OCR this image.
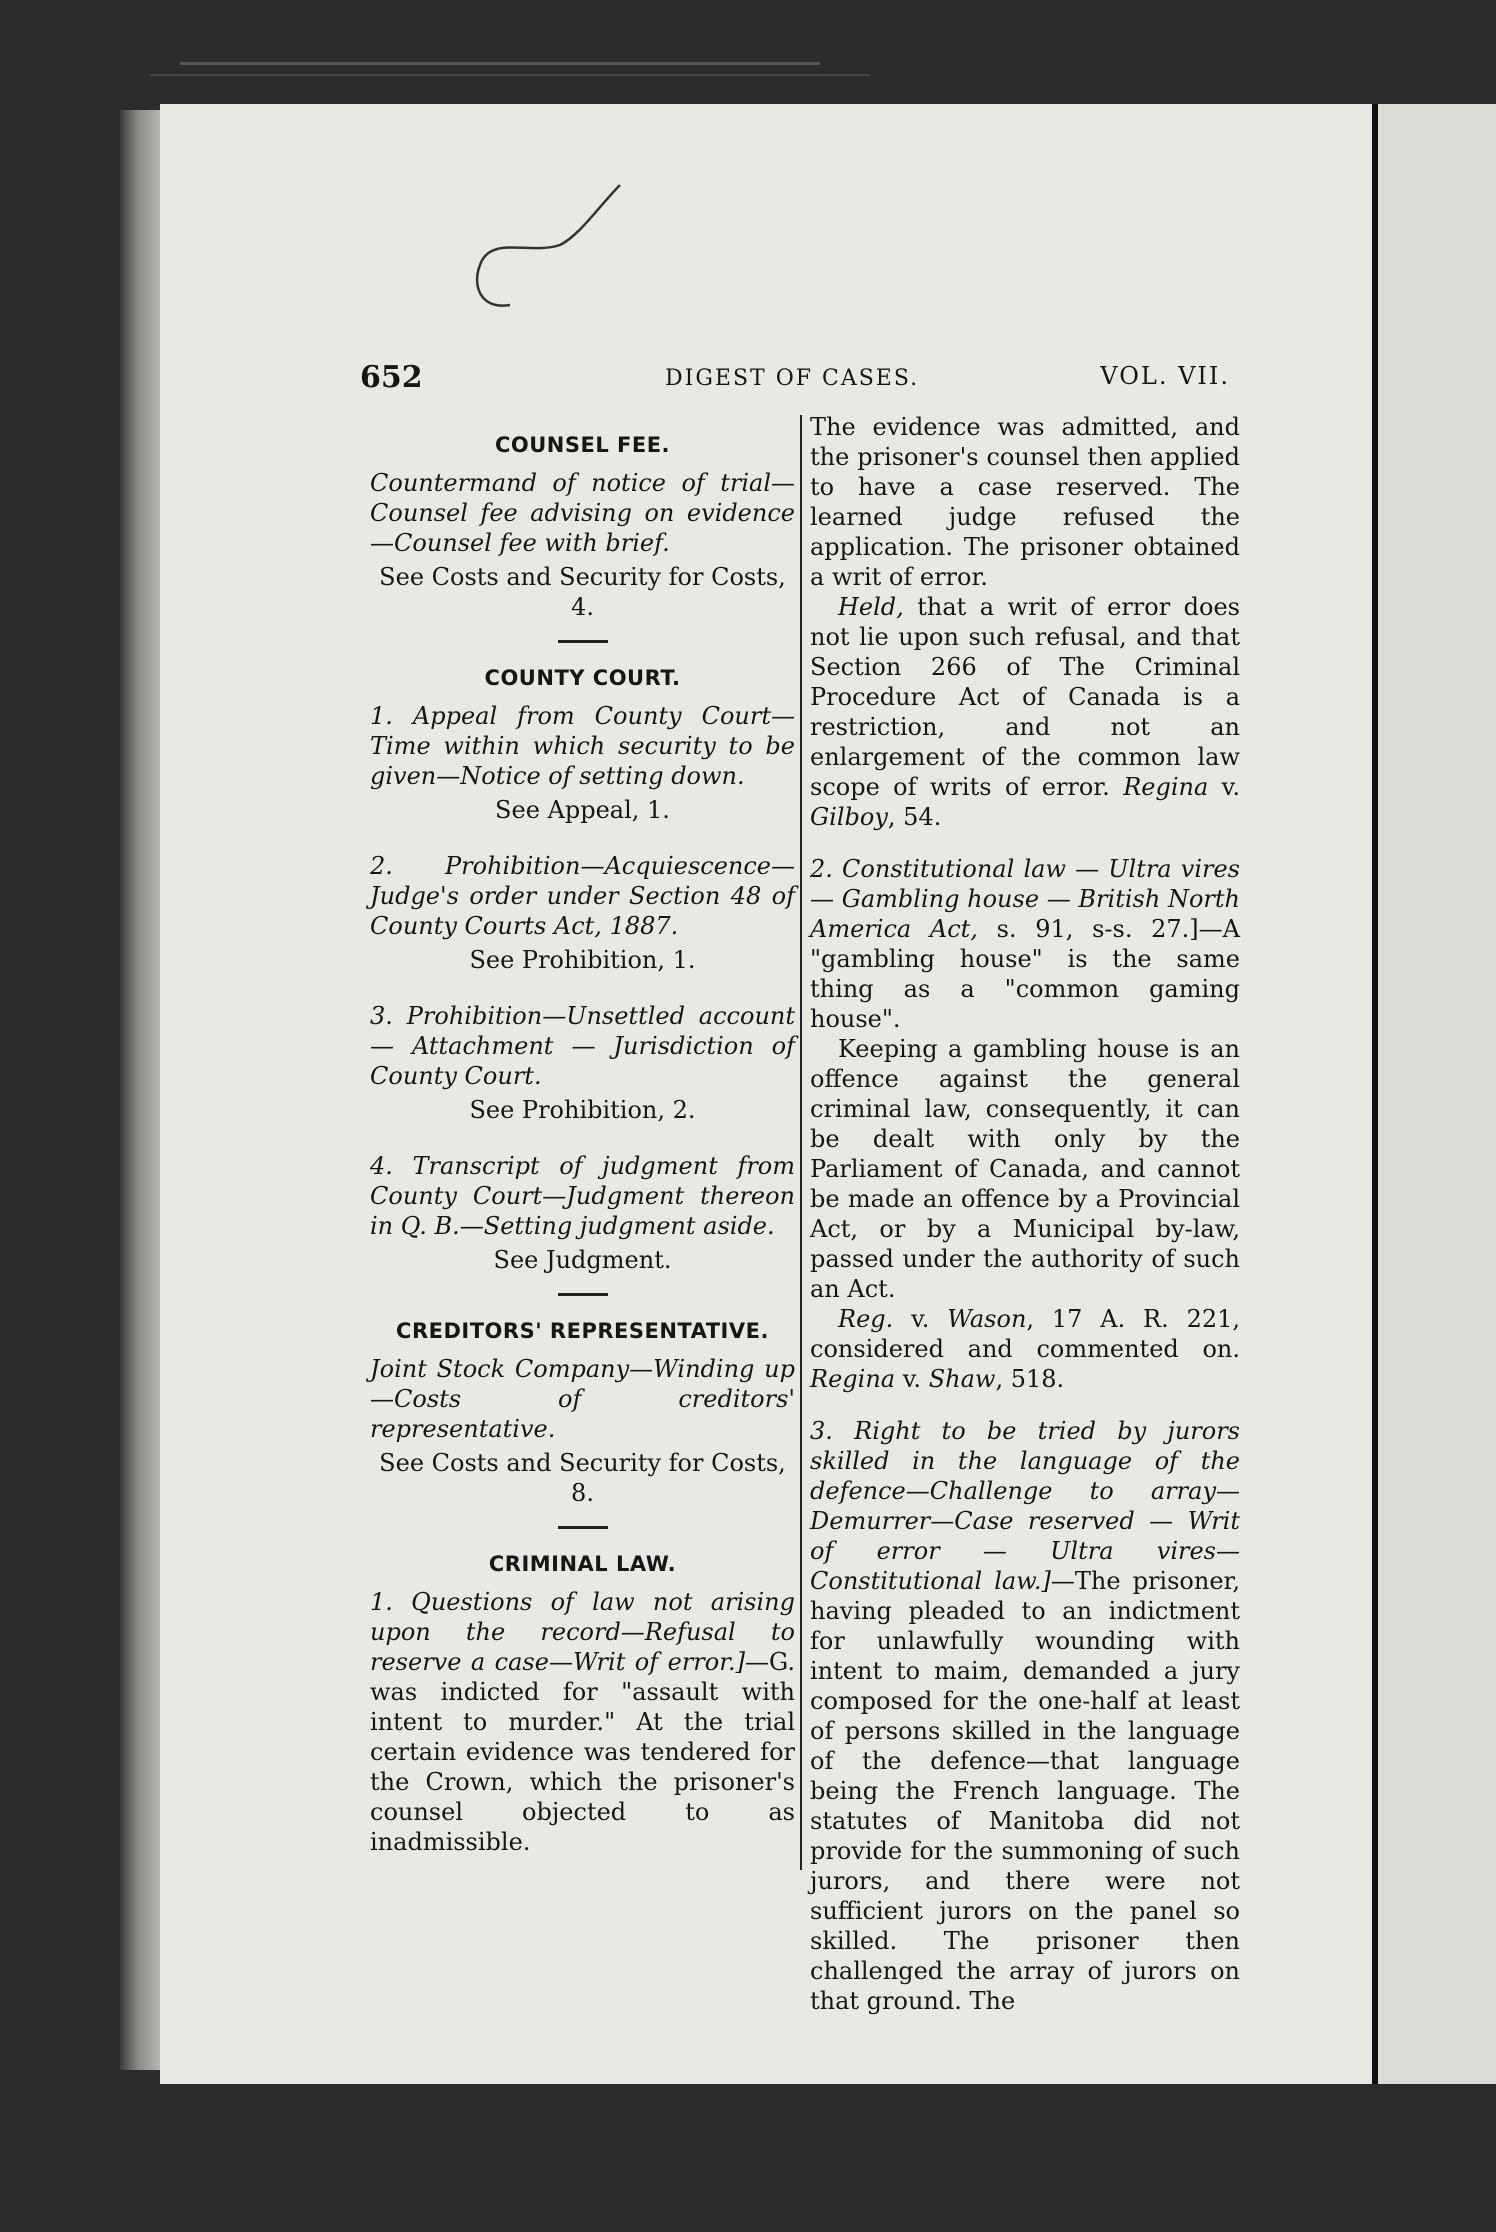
652	DIGEST OF CASES.	VOL. VII.
COUNSEL FEE.

Countermand of notice of trial—Counsel fee advising on evidence—Counsel fee with brief.

See Costs and Security for Costs, 4.

COUNTY COURT.

1. Appeal from County Court—Time within which security to be given—Notice of setting down.

See Appeal, 1.

2. Prohibition—Acquiescence—Judge's order under Section 48 of County Courts Act, 1887.

See Prohibition, 1.

3. Prohibition—Unsettled account — Attachment — Jurisdiction of County Court.

See Prohibition, 2.

4. Transcript of judgment from County Court—Judgment thereon in Q. B.—Setting judgment aside.

See Judgment.

CREDITORS' REPRESENTATIVE.

Joint Stock Company—Winding up—Costs of creditors' representative.

See Costs and Security for Costs, 8.

CRIMINAL LAW.

1. Questions of law not arising upon the record—Refusal to reserve a case—Writ of error.]—G. was indicted for "assault with intent to murder." At the trial certain evidence was tendered for the Crown, which the prisoner's counsel objected to as inadmissible.

The evidence was admitted, and the prisoner's counsel then applied to have a case reserved. The learned judge refused the application. The prisoner obtained a writ of error.

Held, that a writ of error does not lie upon such refusal, and that Section 266 of The Criminal Procedure Act of Canada is a restriction, and not an enlargement of the common law scope of writs of error. Regina v. Gilboy, 54.

2. Constitutional law — Ultra vires — Gambling house — British North America Act, s. 91, s-s. 27.]—A "gambling house" is the same thing as a "common gaming house".

Keeping a gambling house is an offence against the general criminal law, consequently, it can be dealt with only by the Parliament of Canada, and cannot be made an offence by a Provincial Act, or by a Municipal by-law, passed under the authority of such an Act.

Reg. v. Wason, 17 A. R. 221, considered and commented on. Regina v. Shaw, 518.

3. Right to be tried by jurors skilled in the language of the defence—Challenge to array—Demurrer—Case reserved — Writ of error — Ultra vires—Constitutional law.]—The prisoner, having pleaded to an indictment for unlawfully wounding with intent to maim, demanded a jury composed for the one-half at least of persons skilled in the language of the defence—that language being the French language. The statutes of Manitoba did not provide for the summoning of such jurors, and there were not sufficient jurors on the panel so skilled. The prisoner then challenged the array of jurors on that ground. The
